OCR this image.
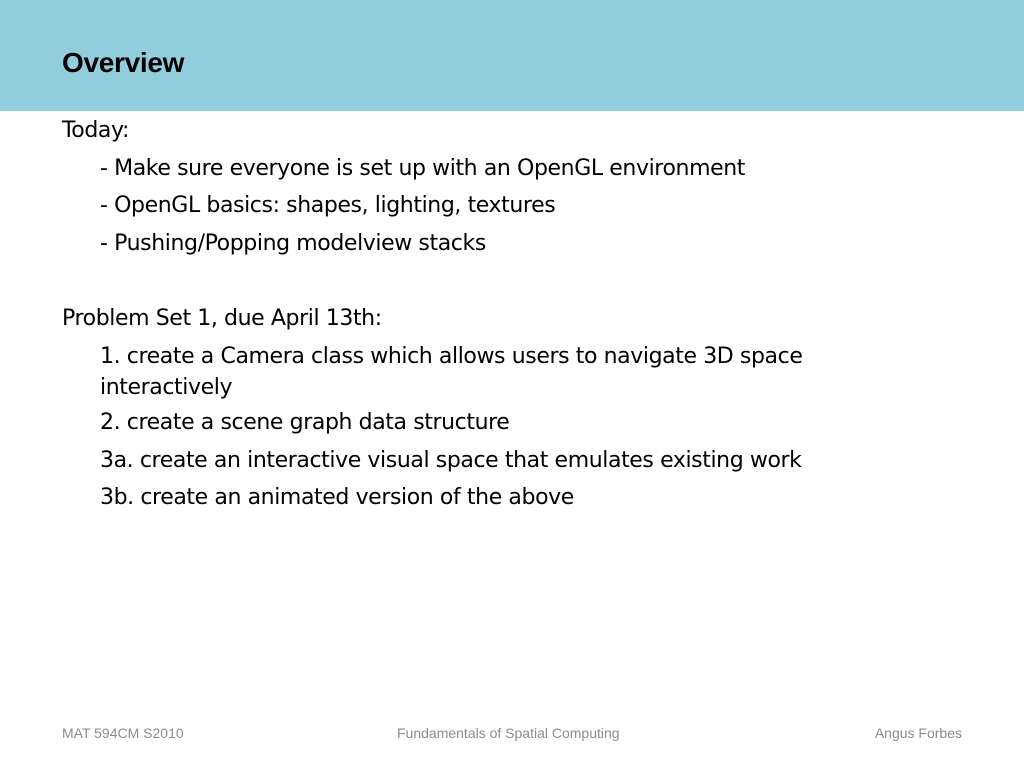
Overview

Today:

- Make sure everyone is set up with an OpenGL environment

- OpenGL basics: shapes, lighting, textures

- Pushing/Popping modelview stacks

Problem Set 1, due April 13th:

1. create a Camera class which allows users to navigate 3D space interactively

2. create a scene graph data structure

3a. create an interactive visual space that emulates existing work

3b. create an animated version of the above

MAT 594CM S2010	Fundamentals of Spatial Computing	Angus Forbes
